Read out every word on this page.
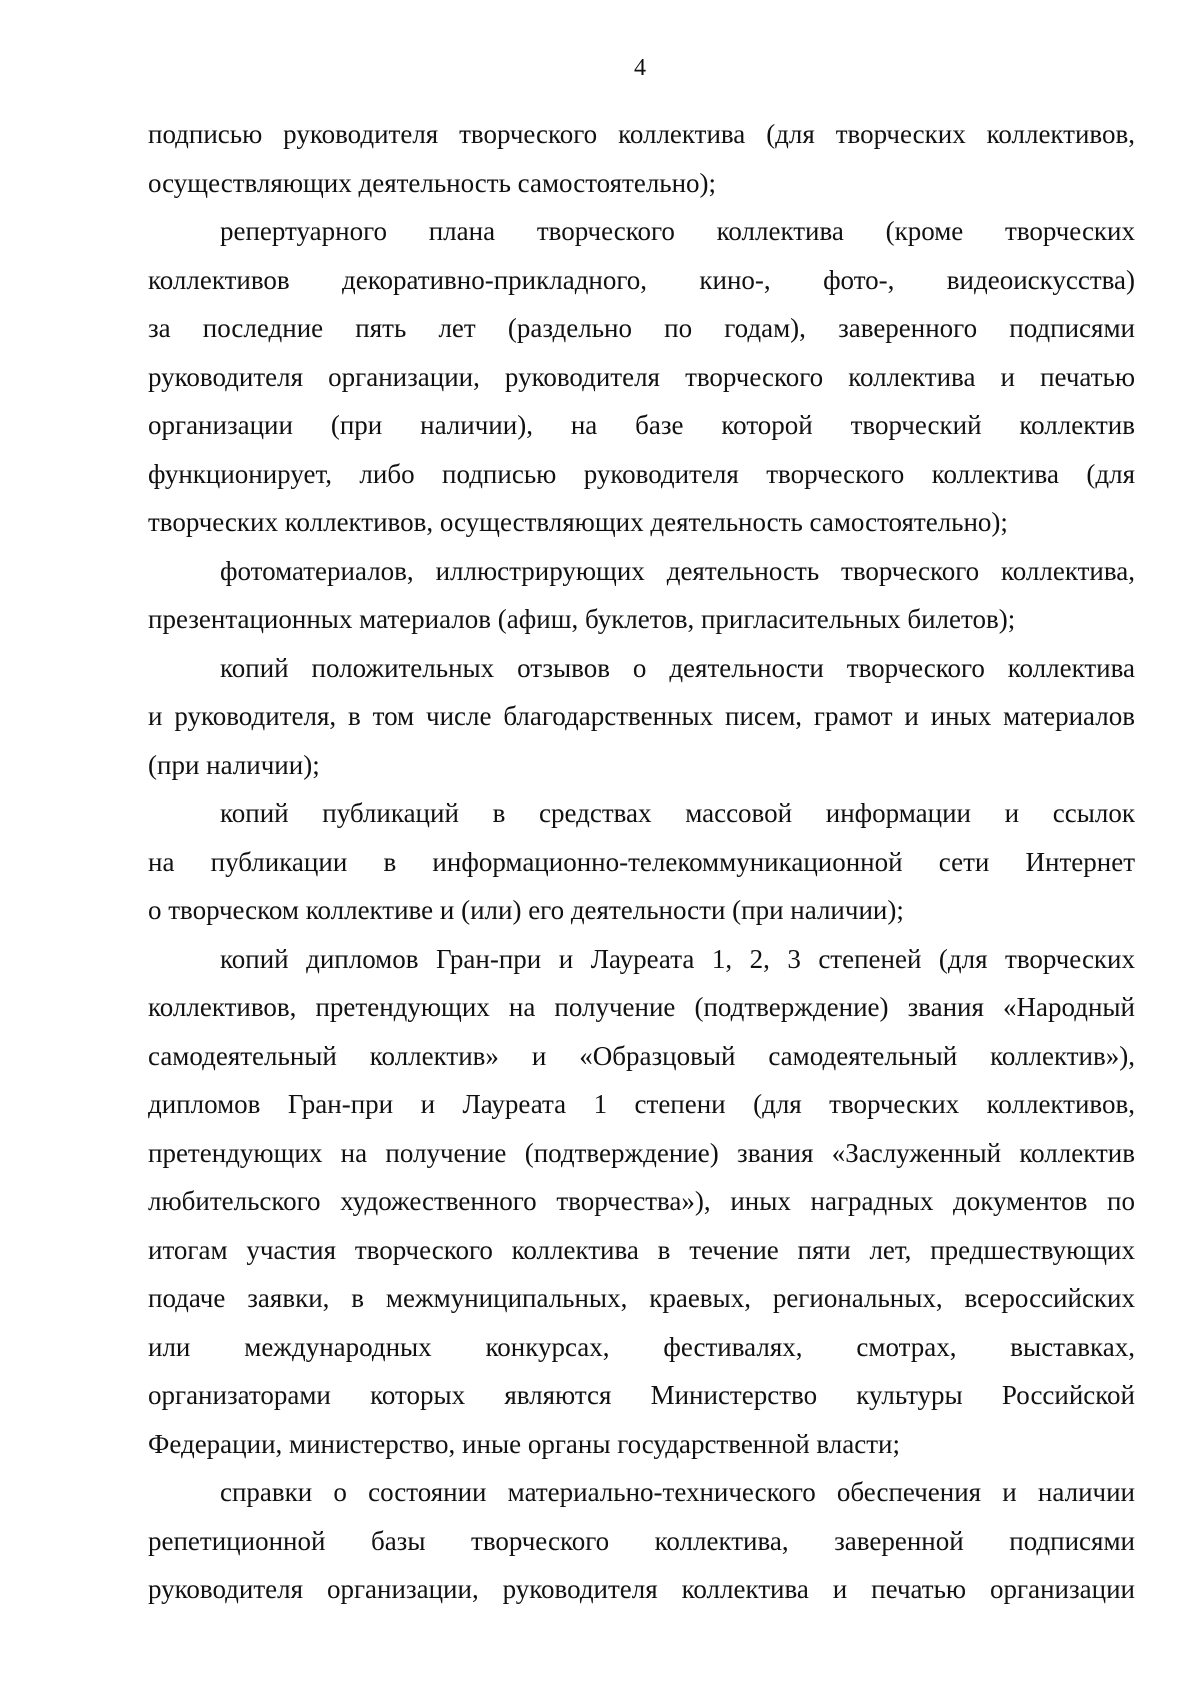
4
подписью руководителя творческого коллектива (для творческих коллективов,
осуществляющих деятельность самостоятельно);
репертуарного плана творческого коллектива (кроме творческих
коллективов декоративно-прикладного, кино-, фото-, видеоискусства)
за последние пять лет (раздельно по годам), заверенного подписями
руководителя организации, руководителя творческого коллектива и печатью
организации (при наличии), на базе которой творческий коллектив
функционирует, либо подписью руководителя творческого коллектива (для
творческих коллективов, осуществляющих деятельность самостоятельно);
фотоматериалов, иллюстрирующих деятельность творческого коллектива,
презентационных материалов (афиш, буклетов, пригласительных билетов);
копий положительных отзывов о деятельности творческого коллектива
и руководителя, в том числе благодарственных писем, грамот и иных материалов
(при наличии);
копий публикаций в средствах массовой информации и ссылок
на публикации в информационно-телекоммуникационной сети Интернет
о творческом коллективе и (или) его деятельности (при наличии);
копий дипломов Гран-при и Лауреата 1, 2, 3 степеней (для творческих
коллективов, претендующих на получение (подтверждение) звания «Народный
самодеятельный коллектив» и «Образцовый самодеятельный коллектив»),
дипломов Гран-при и Лауреата 1 степени (для творческих коллективов,
претендующих на получение (подтверждение) звания «Заслуженный коллектив
любительского художественного творчества»), иных наградных документов по
итогам участия творческого коллектива в течение пяти лет, предшествующих
подаче заявки, в межмуниципальных, краевых, региональных, всероссийских
или международных конкурсах, фестивалях, смотрах, выставках,
организаторами которых являются Министерство культуры Российской
Федерации, министерство, иные органы государственной власти;
справки о состоянии материально-технического обеспечения и наличии
репетиционной базы творческого коллектива, заверенной подписями
руководителя организации, руководителя коллектива и печатью организации
